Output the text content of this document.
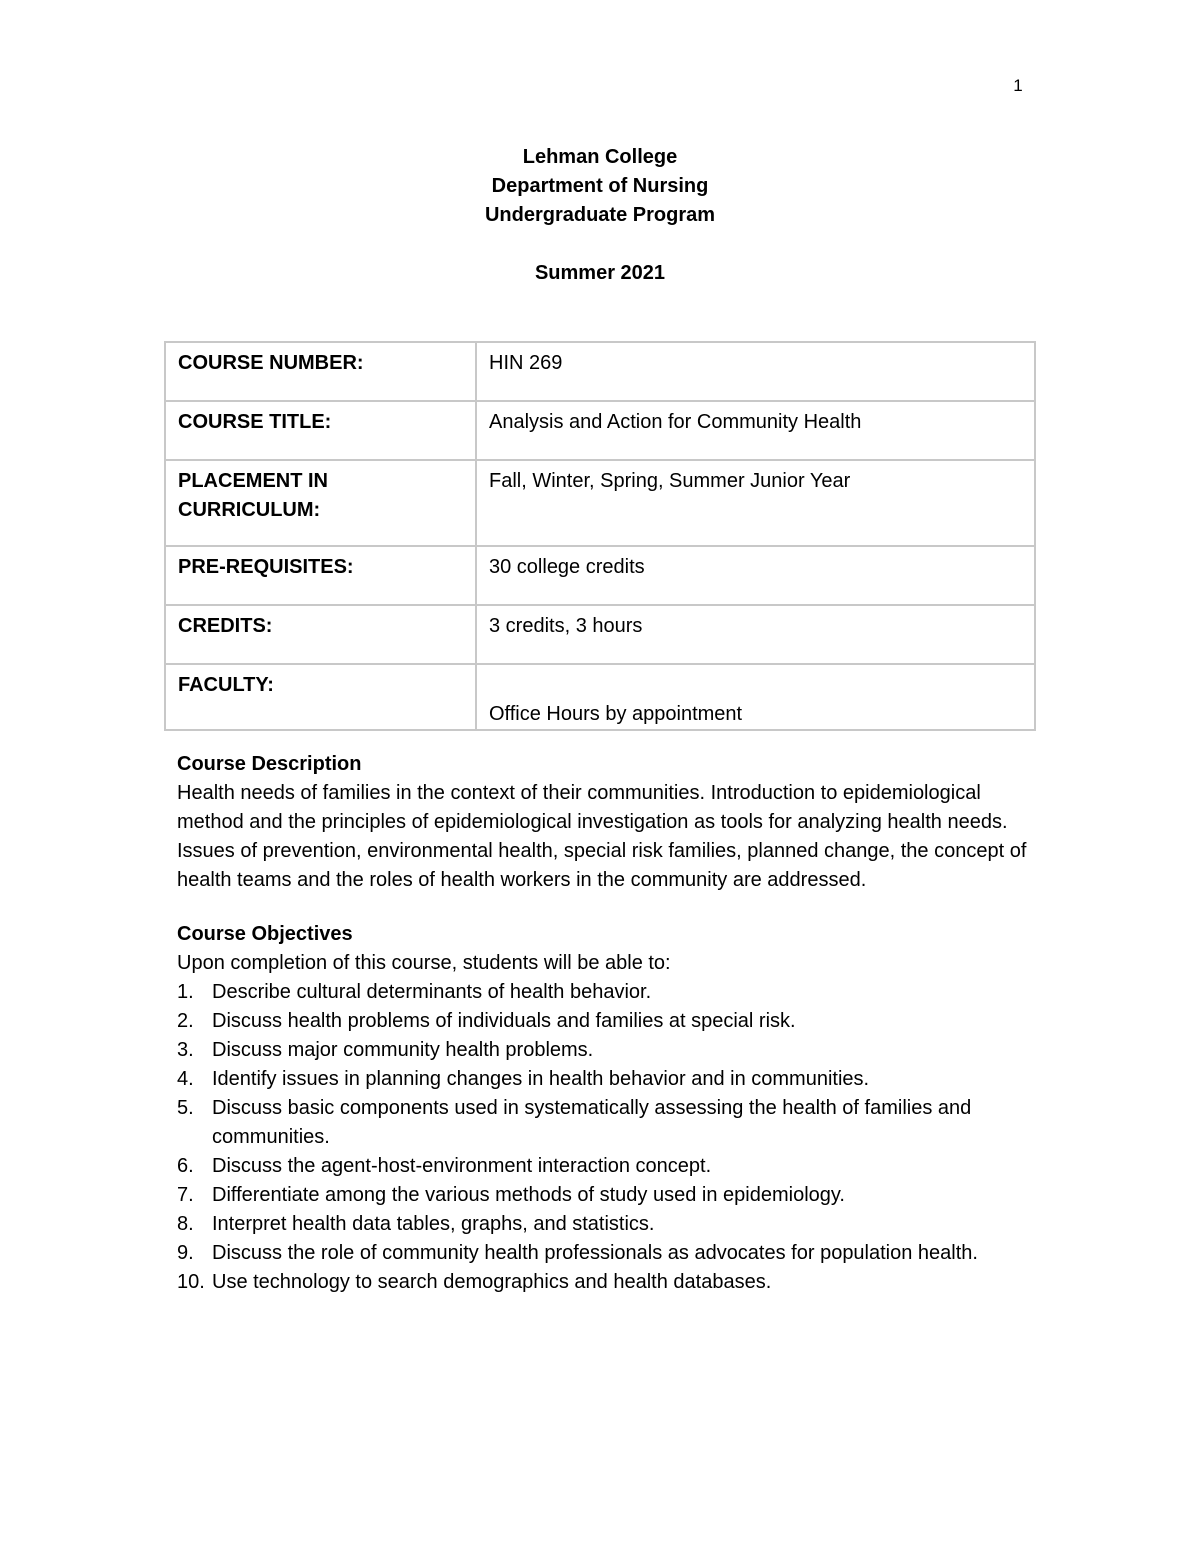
1
Lehman College
Department of Nursing
Undergraduate Program
Summer 2021
COURSE NUMBER:	HIN 269
COURSE TITLE:	Analysis and Action for Community Health
PLACEMENT IN CURRICULUM:	Fall, Winter, Spring, Summer Junior Year
PRE-REQUISITES:	30 college credits
CREDITS:	3 credits, 3 hours
FACULTY:	Office Hours by appointment

Course Description

Health needs of families in the context of their communities. Introduction to epidemiological method and the principles of epidemiological investigation as tools for analyzing health needs. Issues of prevention, environmental health, special risk families, planned change, the concept of health teams and the roles of health workers in the community are addressed.

Course Objectives

Upon completion of this course, students will be able to:

1. Describe cultural determinants of health behavior.
2. Discuss health problems of individuals and families at special risk.
3. Discuss major community health problems.
4. Identify issues in planning changes in health behavior and in communities.
5. Discuss basic components used in systematically assessing the health of families and communities.
6. Discuss the agent-host-environment interaction concept.
7. Differentiate among the various methods of study used in epidemiology.
8. Interpret health data tables, graphs, and statistics.
9. Discuss the role of community health professionals as advocates for population health.
10. Use technology to search demographics and health databases.
